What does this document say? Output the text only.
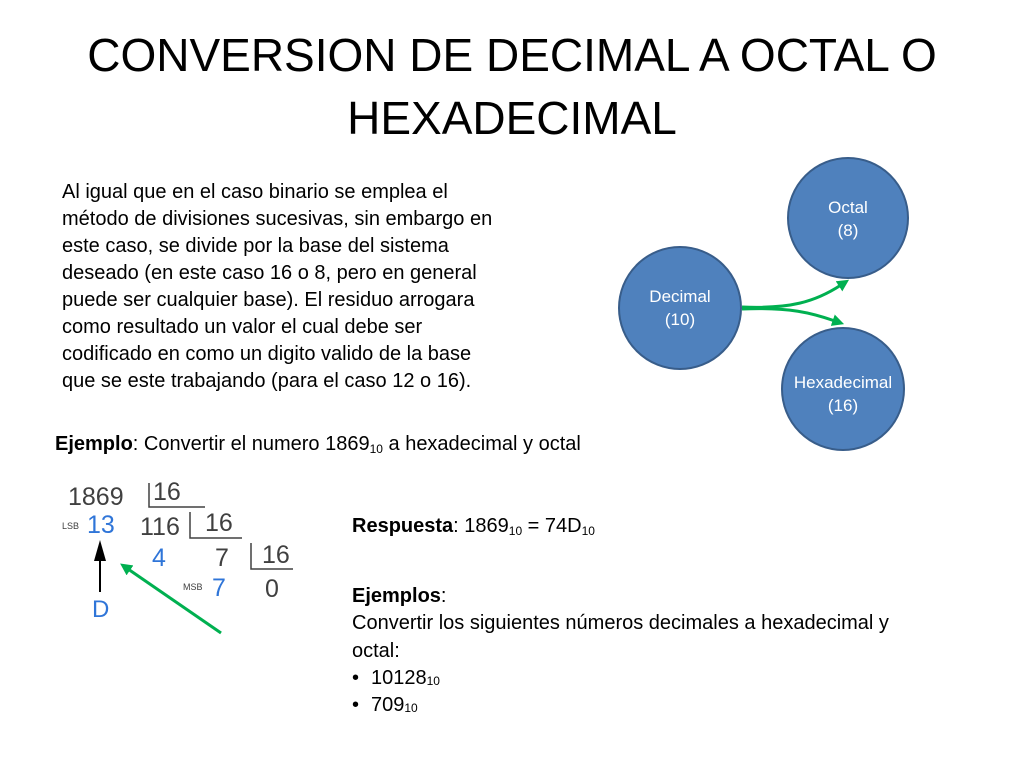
CONVERSION DE DECIMAL A OCTAL O
HEXADECIMAL
Al igual que en el caso binario se emplea el
método de divisiones sucesivas, sin embargo en
este caso, se divide por la base del sistema
deseado (en este caso 16 o 8, pero en general
puede ser cualquier base). El residuo arrogara
como resultado un valor el cual debe ser
codificado en como un digito valido de la base
que se este trabajando (para el caso 12 o 16).
Octal
(8)
Decimal
(10)
Hexadecimal
(16)
Ejemplo: Convertir el numero 186910 a hexadecimal y octal
1869 16
LSB 13 116 16
4 7 16
MSB 7 0
D
Respuesta: 186910 = 74D10
Ejemplos:
Convertir los siguientes números decimales a hexadecimal y
octal:
• 10128 10
• 709 10
